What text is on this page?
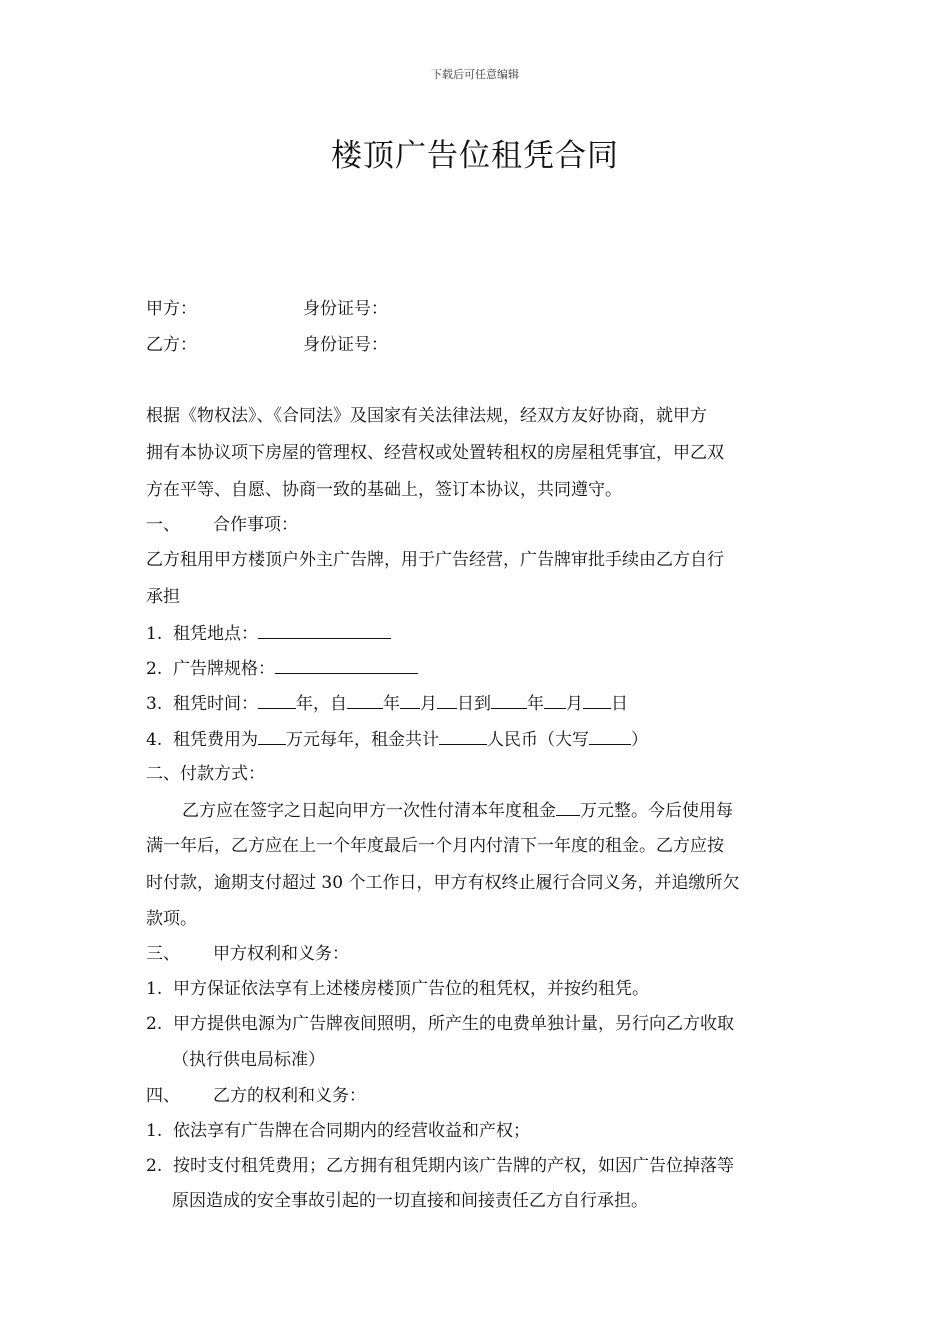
下载后可任意编辑
楼顶广告位租凭合同
甲方：	身份证号：
乙方：	身份证号：
根据《物权法》、《合同法》及国家有关法律法规，经双方友好协商，就甲方
拥有本协议项下房屋的管理权、经营权或处置转租权的房屋租凭事宜，甲乙双
方在平等、自愿、协商一致的基础上，签订本协议，共同遵守。
一、 合作事项：
乙方租用甲方楼顶户外主广告牌，用于广告经营，广告牌审批手续由乙方自行
承担
1. 租凭地点：
2. 广告牌规格：
3. 租凭时间： 年，自 年 月 日到 年 月 日
4. 租凭费用为 万元每年，租金共计	人民币（大写 ）
二、付款方式：
乙方应在签字之日起向甲方一次性付清本年度租金 万元整。今后使用每
满一年后，乙方应在上一个年度最后一个月内付清下一年度的租金。乙方应按
时付款，逾期支付超过 30 个工作日，甲方有权终止履行合同义务，并追缴所欠
款项。
三、 甲方权利和义务：
1. 甲方保证依法享有上述楼房楼顶广告位的租凭权，并按约租凭。
2. 甲方提供电源为广告牌夜间照明，所产生的电费单独计量，另行向乙方收取
（执行供电局标准）
四、 乙方的权利和义务：
1. 依法享有广告牌在合同期内的经营收益和产权；
2. 按时支付租凭费用；乙方拥有租凭期内该广告牌的产权，如因广告位掉落等
原因造成的安全事故引起的一切直接和间接责任乙方自行承担。
